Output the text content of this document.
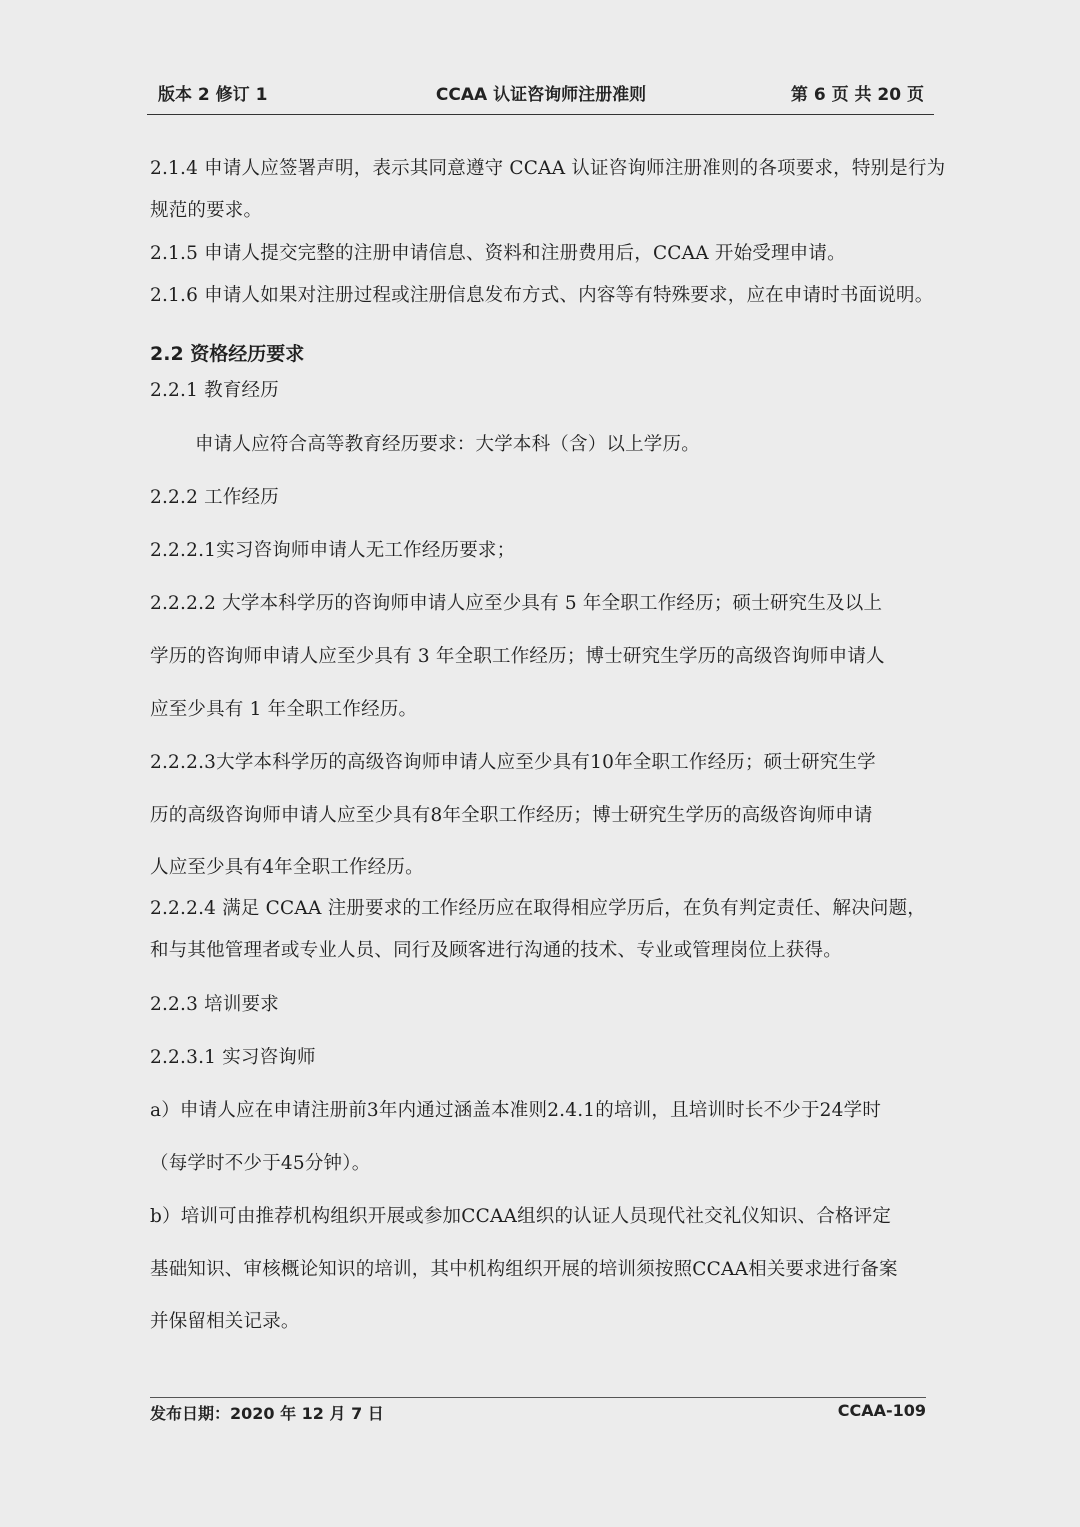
版本 2 修订 1	CCAA 认证咨询师注册准则	第 6 页 共 20 页
2.1.4 申请人应签署声明，表示其同意遵守 CCAA 认证咨询师注册准则的各项要求，特别是行为
规范的要求。
2.1.5 申请人提交完整的注册申请信息、资料和注册费用后，CCAA 开始受理申请。
2.1.6 申请人如果对注册过程或注册信息发布方式、内容等有特殊要求，应在申请时书面说明。
2.2 资格经历要求
2.2.1 教育经历
申请人应符合高等教育经历要求：大学本科（含）以上学历。
2.2.2 工作经历
2.2.2.1实习咨询师申请人无工作经历要求；
2.2.2.2 大学本科学历的咨询师申请人应至少具有 5 年全职工作经历；硕士研究生及以上
学历的咨询师申请人应至少具有 3 年全职工作经历；博士研究生学历的高级咨询师申请人
应至少具有 1 年全职工作经历。
2.2.2.3大学本科学历的高级咨询师申请人应至少具有10年全职工作经历；硕士研究生学
历的高级咨询师申请人应至少具有8年全职工作经历；博士研究生学历的高级咨询师申请
人应至少具有4年全职工作经历。
2.2.2.4 满足 CCAA 注册要求的工作经历应在取得相应学历后，在负有判定责任、解决问题，
和与其他管理者或专业人员、同行及顾客进行沟通的技术、专业或管理岗位上获得。
2.2.3 培训要求
2.2.3.1 实习咨询师
a）申请人应在申请注册前3年内通过涵盖本准则2.4.1的培训，且培训时长不少于24学时
（每学时不少于45分钟）。
b）培训可由推荐机构组织开展或参加CCAA组织的认证人员现代社交礼仪知识、合格评定
基础知识、审核概论知识的培训，其中机构组织开展的培训须按照CCAA相关要求进行备案
并保留相关记录。
发布日期：2020 年 12 月 7 日	CCAA-109
